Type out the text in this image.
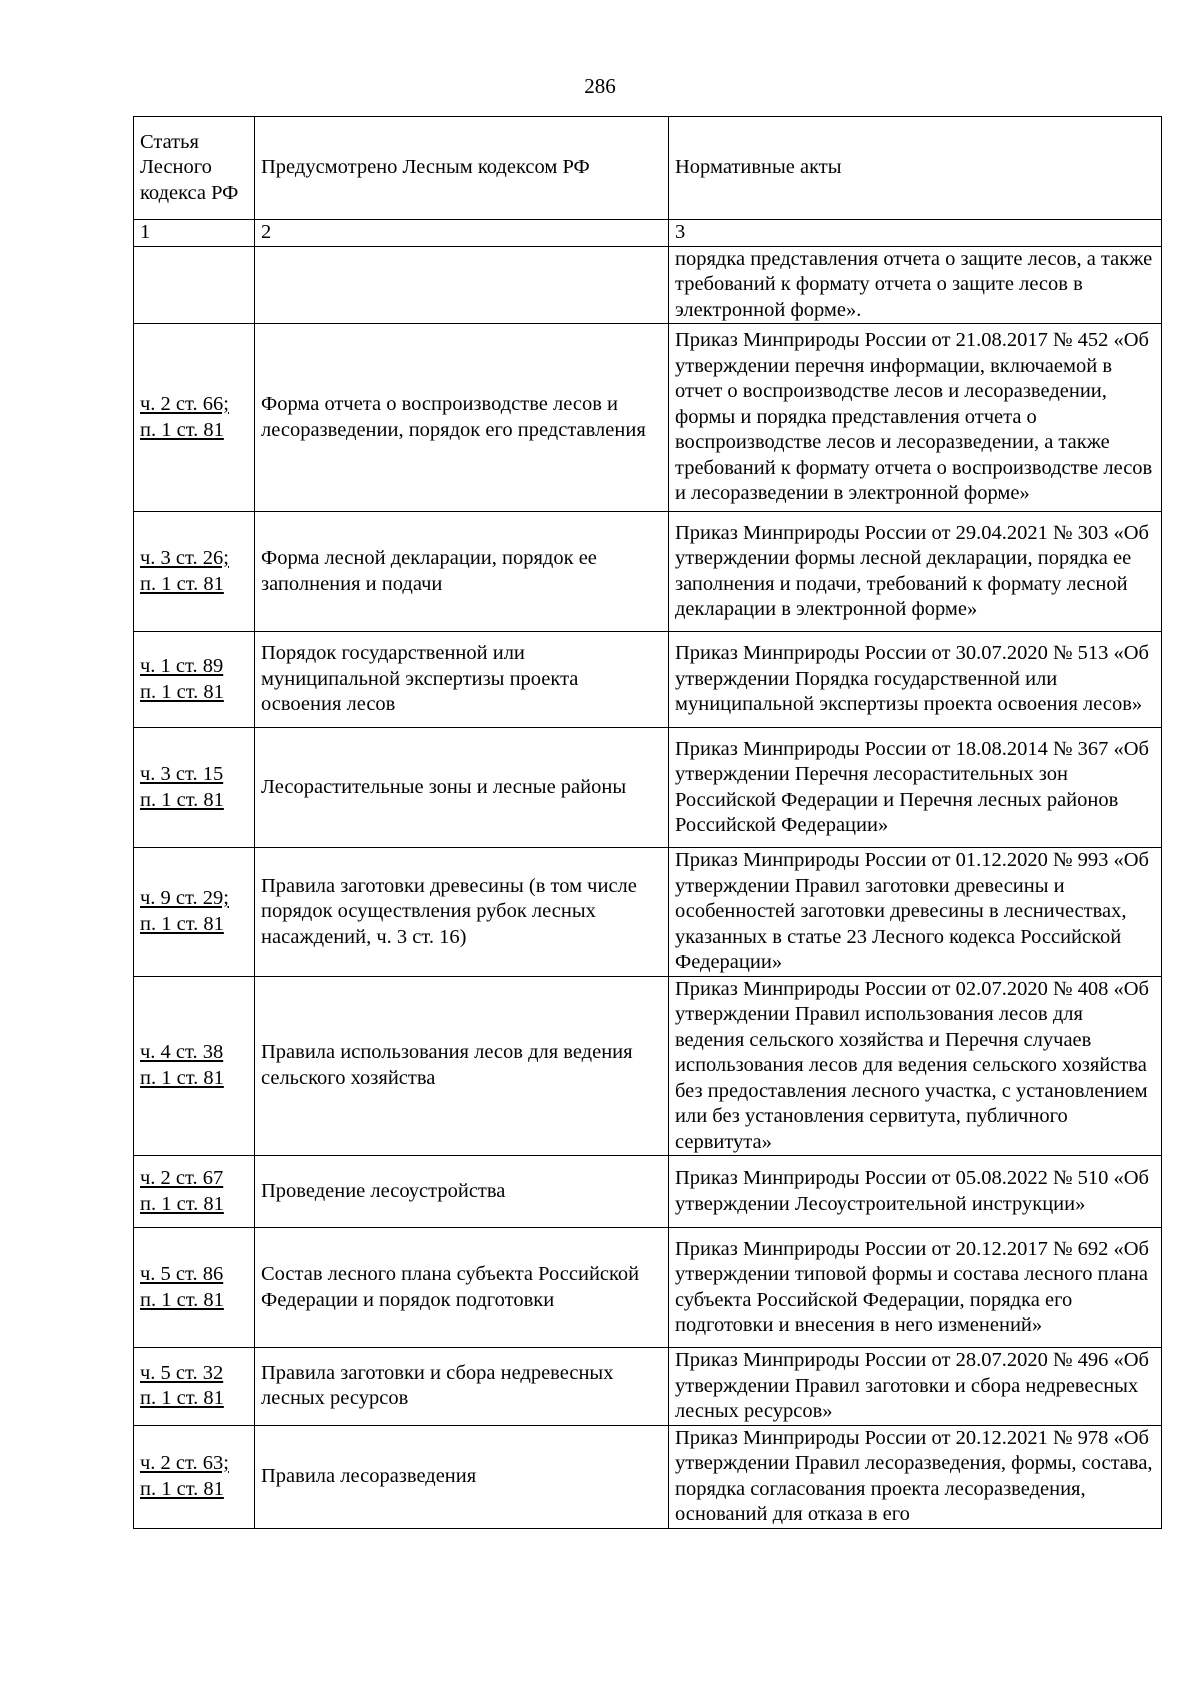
286
Статья Лесного кодекса РФ	Предусмотрено Лесным кодексом РФ	Нормативные акты
1	2	3
		порядка представления отчета о защите лесов, а также требований к формату отчета о защите лесов в электронной форме».

ч. 2 ст. 66;
п. 1 ст. 81	Форма отчета о воспроизводстве лесов и лесоразведении, порядок его представления	Приказ Минприроды России от 21.08.2017 № 452 «Об утверждении перечня информации, включаемой в отчет о воспроизводстве лесов и лесоразведении, формы и порядка представления отчета о воспроизводстве лесов и лесоразведении, а также требований к формату отчета о воспроизводстве лесов и лесоразведении в электронной форме»

ч. 3 ст. 26;
п. 1 ст. 81	Форма лесной декларации, порядок ее заполнения и подачи	Приказ Минприроды России от 29.04.2021 № 303 «Об утверждении формы лесной декларации, порядка ее заполнения и подачи, требований к формату лесной декларации в электронной форме»

ч. 1 ст. 89
п. 1 ст. 81	Порядок государственной или муниципальной экспертизы проекта освоения лесов	Приказ Минприроды России от 30.07.2020 № 513 «Об утверждении Порядка государственной или муниципальной экспертизы проекта освоения лесов»

ч. 3 ст. 15
п. 1 ст. 81	Лесорастительные зоны и лесные районы	Приказ Минприроды России от 18.08.2014 № 367 «Об утверждении Перечня лесорастительных зон Российской Федерации и Перечня лесных районов Российской Федерации»

ч. 9 ст. 29;
п. 1 ст. 81	Правила заготовки древесины (в том числе порядок осуществления рубок лесных насаждений, ч. 3 ст. 16)	Приказ Минприроды России от 01.12.2020 № 993 «Об утверждении Правил заготовки древесины и особенностей заготовки древесины в лесничествах, указанных в статье 23 Лесного кодекса Российской Федерации»

ч. 4 ст. 38
п. 1 ст. 81	Правила использования лесов для ведения сельского хозяйства	Приказ Минприроды России от 02.07.2020 № 408 «Об утверждении Правил использования лесов для ведения сельского хозяйства и Перечня случаев использования лесов для ведения сельского хозяйства без предоставления лесного участка, с установлением или без установления сервитута, публичного сервитута»

ч. 2 ст. 67
п. 1 ст. 81	Проведение лесоустройства	Приказ Минприроды России от 05.08.2022 № 510 «Об утверждении Лесоустроительной инструкции»

ч. 5 ст. 86
п. 1 ст. 81	Состав лесного плана субъекта Российской Федерации и порядок подготовки	Приказ Минприроды России от 20.12.2017 № 692 «Об утверждении типовой формы и состава лесного плана субъекта Российской Федерации, порядка его подготовки и внесения в него изменений»

ч. 5 ст. 32
п. 1 ст. 81	Правила заготовки и сбора недревесных лесных ресурсов	Приказ Минприроды России от 28.07.2020 № 496 «Об утверждении Правил заготовки и сбора недревесных лесных ресурсов»

ч. 2 ст. 63;
п. 1 ст. 81	Правила лесоразведения	Приказ Минприроды России от 20.12.2021 № 978 «Об утверждении Правил лесоразведения, формы, состава, порядка согласования проекта лесоразведения, оснований для отказа в его
